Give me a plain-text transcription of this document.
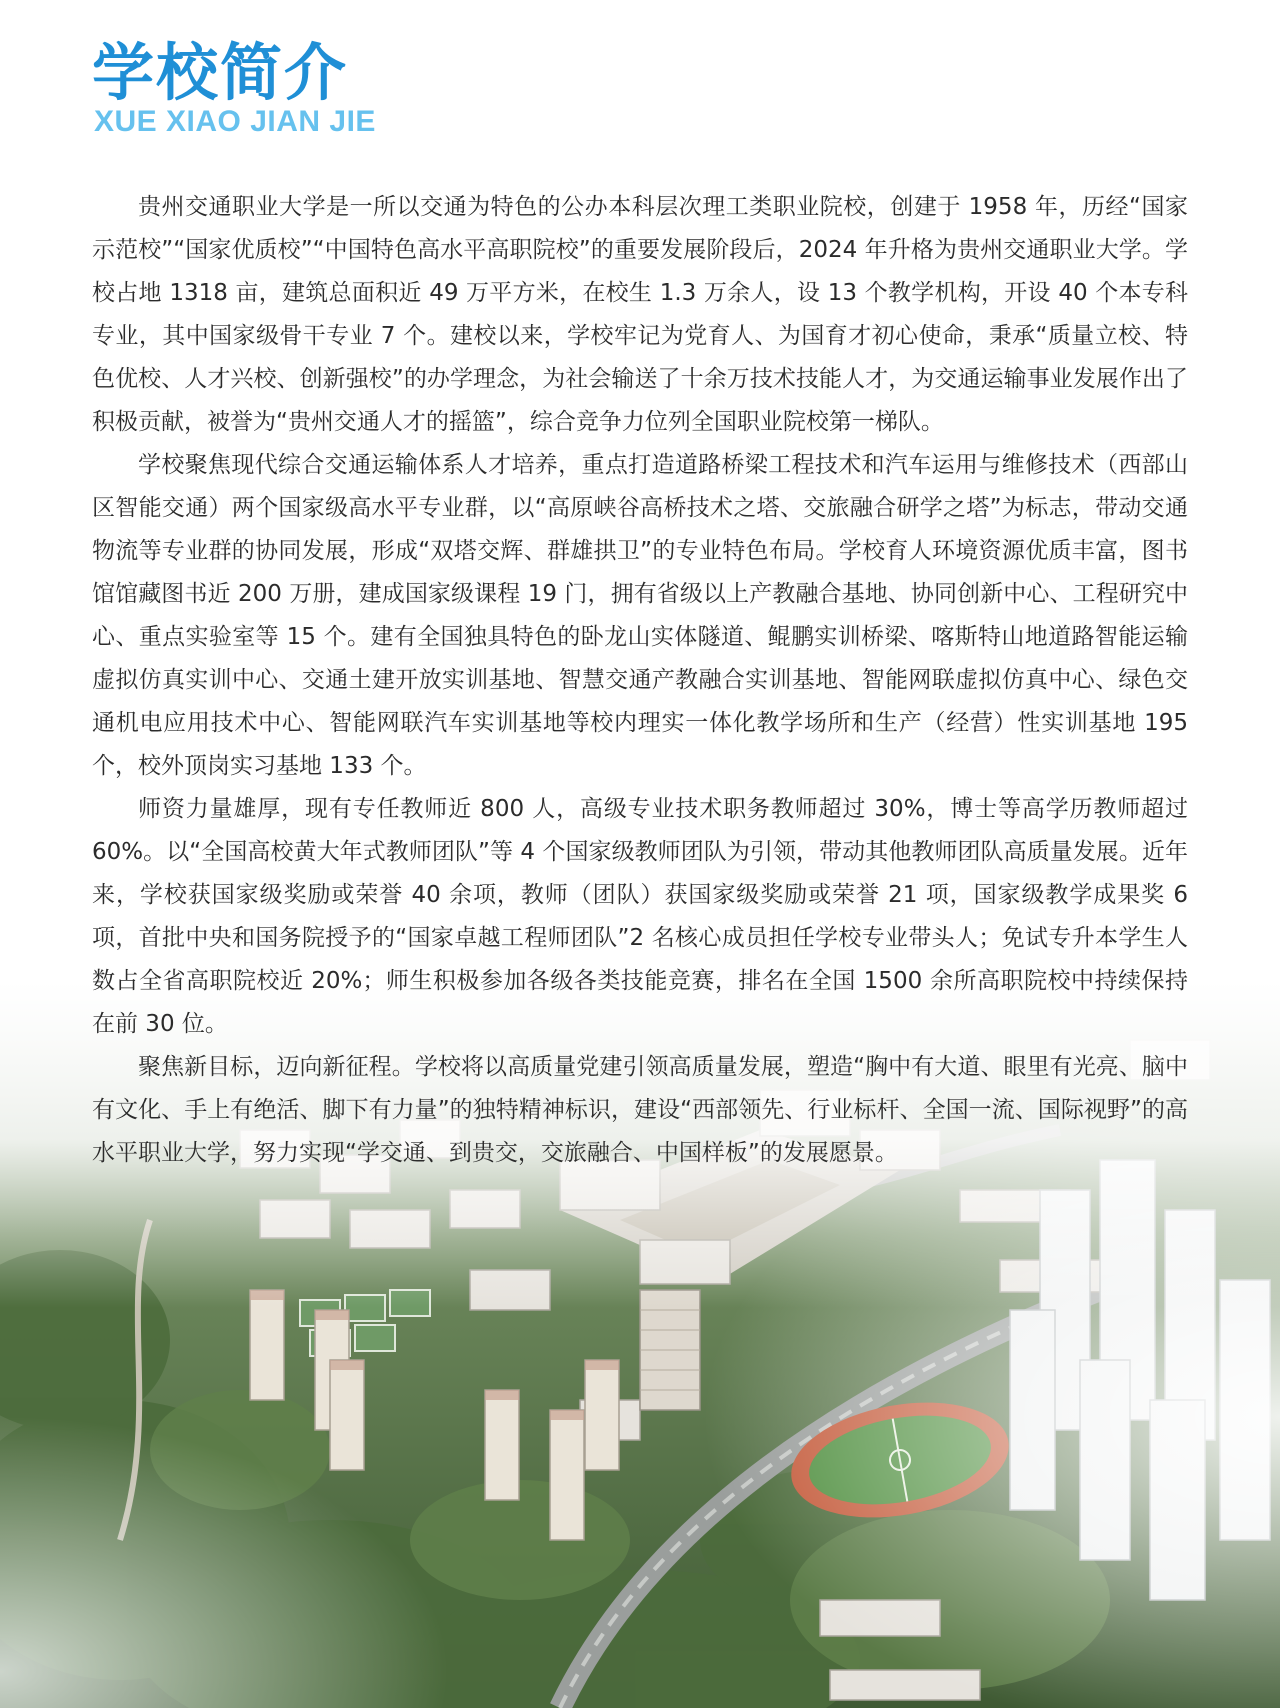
学校简介

XUE XIAO JIAN JIE

贵州交通职业大学是一所以交通为特色的公办本科层次理工类职业院校，创建于 1958 年，历经“国家示范校”“国家优质校”“中国特色高水平高职院校”的重要发展阶段后，2024 年升格为贵州交通职业大学。学校占地 1318 亩，建筑总面积近 49 万平方米，在校生 1.3 万余人，设 13 个教学机构，开设 40 个本专科专业，其中国家级骨干专业 7 个。建校以来，学校牢记为党育人、为国育才初心使命，秉承“质量立校、特色优校、人才兴校、创新强校”的办学理念，为社会输送了十余万技术技能人才，为交通运输事业发展作出了积极贡献，被誉为“贵州交通人才的摇篮”，综合竞争力位列全国职业院校第一梯队。

学校聚焦现代综合交通运输体系人才培养，重点打造道路桥梁工程技术和汽车运用与维修技术（西部山区智能交通）两个国家级高水平专业群，以“高原峡谷高桥技术之塔、交旅融合研学之塔”为标志，带动交通物流等专业群的协同发展，形成“双塔交辉、群雄拱卫”的专业特色布局。学校育人环境资源优质丰富，图书馆馆藏图书近 200 万册，建成国家级课程 19 门，拥有省级以上产教融合基地、协同创新中心、工程研究中心、重点实验室等 15 个。建有全国独具特色的卧龙山实体隧道、鲲鹏实训桥梁、喀斯特山地道路智能运输虚拟仿真实训中心、交通土建开放实训基地、智慧交通产教融合实训基地、智能网联虚拟仿真中心、绿色交通机电应用技术中心、智能网联汽车实训基地等校内理实一体化教学场所和生产（经营）性实训基地 195 个，校外顶岗实习基地 133 个。

师资力量雄厚，现有专任教师近 800 人，高级专业技术职务教师超过 30%，博士等高学历教师超过 60%。以“全国高校黄大年式教师团队”等 4 个国家级教师团队为引领，带动其他教师团队高质量发展。近年来，学校获国家级奖励或荣誉 40 余项，教师（团队）获国家级奖励或荣誉 21 项，国家级教学成果奖 6 项，首批中央和国务院授予的“国家卓越工程师团队”2 名核心成员担任学校专业带头人；免试专升本学生人数占全省高职院校近 20%；师生积极参加各级各类技能竞赛，排名在全国 1500 余所高职院校中持续保持在前 30 位。

聚焦新目标，迈向新征程。学校将以高质量党建引领高质量发展，塑造“胸中有大道、眼里有光亮、脑中有文化、手上有绝活、脚下有力量”的独特精神标识，建设“西部领先、行业标杆、全国一流、国际视野”的高水平职业大学，努力实现“学交通、到贵交，交旅融合、中国样板”的发展愿景。
